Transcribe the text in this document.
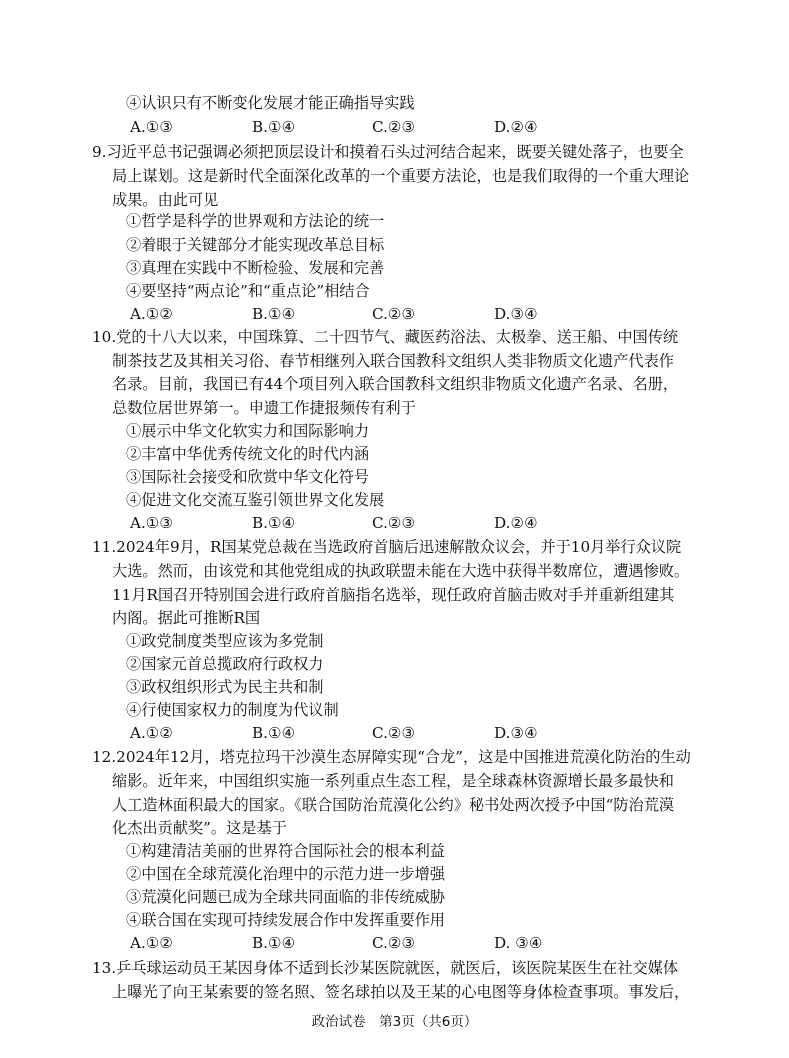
④认识只有不断变化发展才能正确指导实践
A.①③	B.①④	C.②③	D.②④
9.习近平总书记强调必须把顶层设计和摸着石头过河结合起来，既要关键处落子，也要全
局上谋划。这是新时代全面深化改革的一个重要方法论，也是我们取得的一个重大理论
成果。由此可见
①哲学是科学的世界观和方法论的统一
②着眼于关键部分才能实现改革总目标
③真理在实践中不断检验、发展和完善
④要坚持“两点论”和“重点论”相结合
A.①②	B.①④	C.②③	D.③④
10.党的十八大以来，中国珠算、二十四节气、藏医药浴法、太极拳、送王船、中国传统
制茶技艺及其相关习俗、春节相继列入联合国教科文组织人类非物质文化遗产代表作
名录。目前，我国已有44个项目列入联合国教科文组织非物质文化遗产名录、名册，
总数位居世界第一。申遗工作捷报频传有利于
①展示中华文化软实力和国际影响力
②丰富中华优秀传统文化的时代内涵
③国际社会接受和欣赏中华文化符号
④促进文化交流互鉴引领世界文化发展
A.①③	B.①④	C.②③	D.②④
11.2024年9月，R国某党总裁在当选政府首脑后迅速解散众议会，并于10月举行众议院
大选。然而，由该党和其他党组成的执政联盟未能在大选中获得半数席位，遭遇惨败。
11月R国召开特别国会进行政府首脑指名选举，现任政府首脑击败对手并重新组建其
内阁。据此可推断R国
①政党制度类型应该为多党制
②国家元首总揽政府行政权力
③政权组织形式为民主共和制
④行使国家权力的制度为代议制
A.①②	B.①④	C.②③	D.③④
12.2024年12月，塔克拉玛干沙漠生态屏障实现“合龙”，这是中国推进荒漠化防治的生动
缩影。近年来，中国组织实施一系列重点生态工程，是全球森林资源增长最多最快和
人工造林面积最大的国家。《联合国防治荒漠化公约》秘书处两次授予中国“防治荒漠
化杰出贡献奖”。这是基于
①构建清洁美丽的世界符合国际社会的根本利益
②中国在全球荒漠化治理中的示范力进一步增强
③荒漠化问题已成为全球共同面临的非传统威胁
④联合国在实现可持续发展合作中发挥重要作用
A.①②	B.①④	C.②③	D. ③④
13.乒乓球运动员王某因身体不适到长沙某医院就医，就医后，该医院某医生在社交媒体
上曝光了向王某索要的签名照、签名球拍以及王某的心电图等身体检查事项。事发后，
政治试卷　第3页（共6页）
